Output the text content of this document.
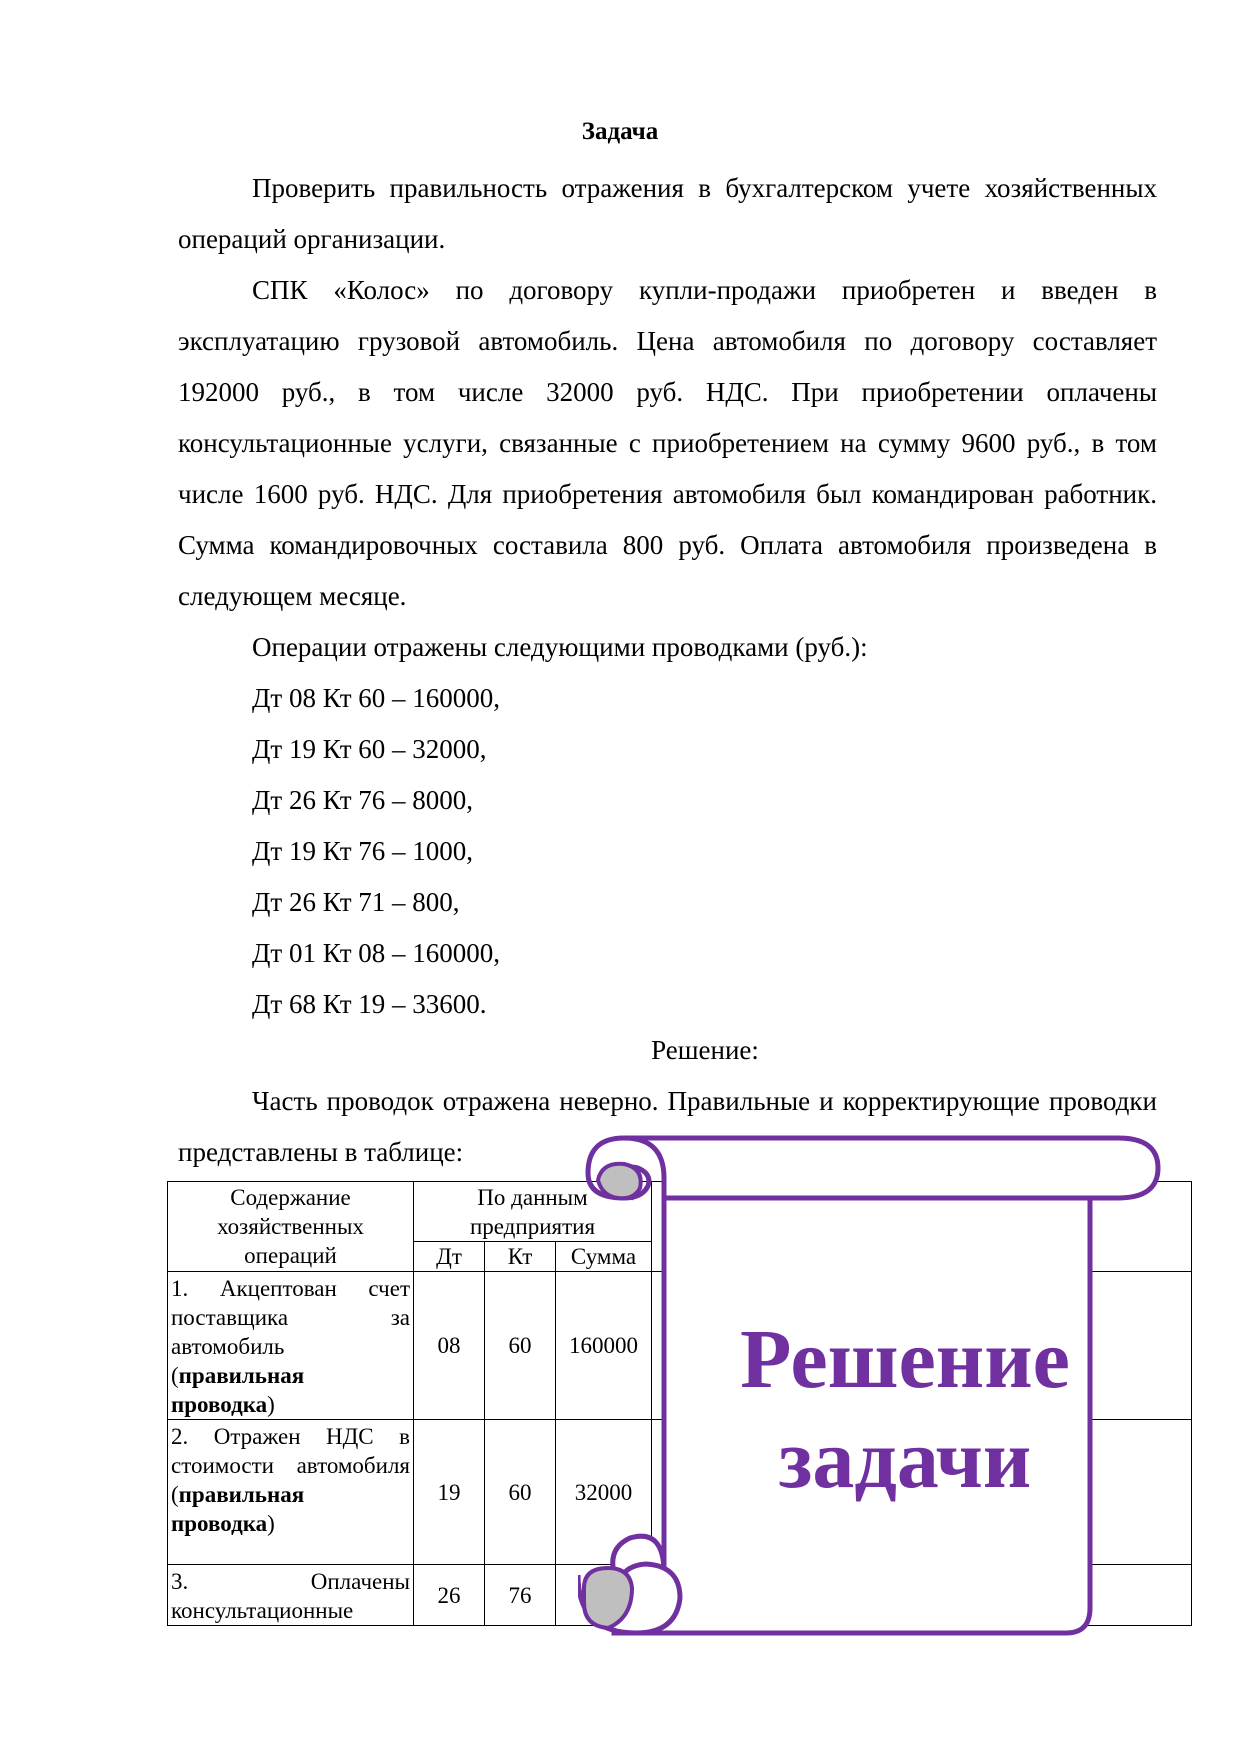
Задача
Проверить правильность отражения в бухгалтерском учете хозяйственных операций организации.
СПК «Колос» по договору купли-продажи приобретен и введен в эксплуатацию грузовой автомобиль. Цена автомобиля по договору составляет 192000 руб., в том числе 32000 руб. НДС. При приобретении оплачены консультационные услуги, связанные с приобретением на сумму 9600 руб., в том числе 1600 руб. НДС. Для приобретения автомобиля был командирован работник. Сумма командировочных составила 800 руб. Оплата автомобиля произведена в следующем месяце.
Операции отражены следующими проводками (руб.):
Дт 08 Кт 60 – 160000,
Дт 19 Кт 60 – 32000,
Дт 26 Кт 76 – 8000,
Дт 19 Кт 76 – 1000,
Дт 26 Кт 71 – 800,
Дт 01 Кт 08 – 160000,
Дт 68 Кт 19 – 33600.
Решение:
Часть проводок отражена неверно. Правильные и корректирующие проводки представлены в таблице:
Содержание хозяйственных операций	По данным предприятия			
	Дт	Кт	Сумма	
1. Акцептован счет поставщика за автомобиль (правильная проводка)	08	60	160000	
2. Отражен НДС в стоимости автомобиля (правильная проводка)	19	60	32000	
3. Оплачены консультационные	26	76		
Решение
задачи
